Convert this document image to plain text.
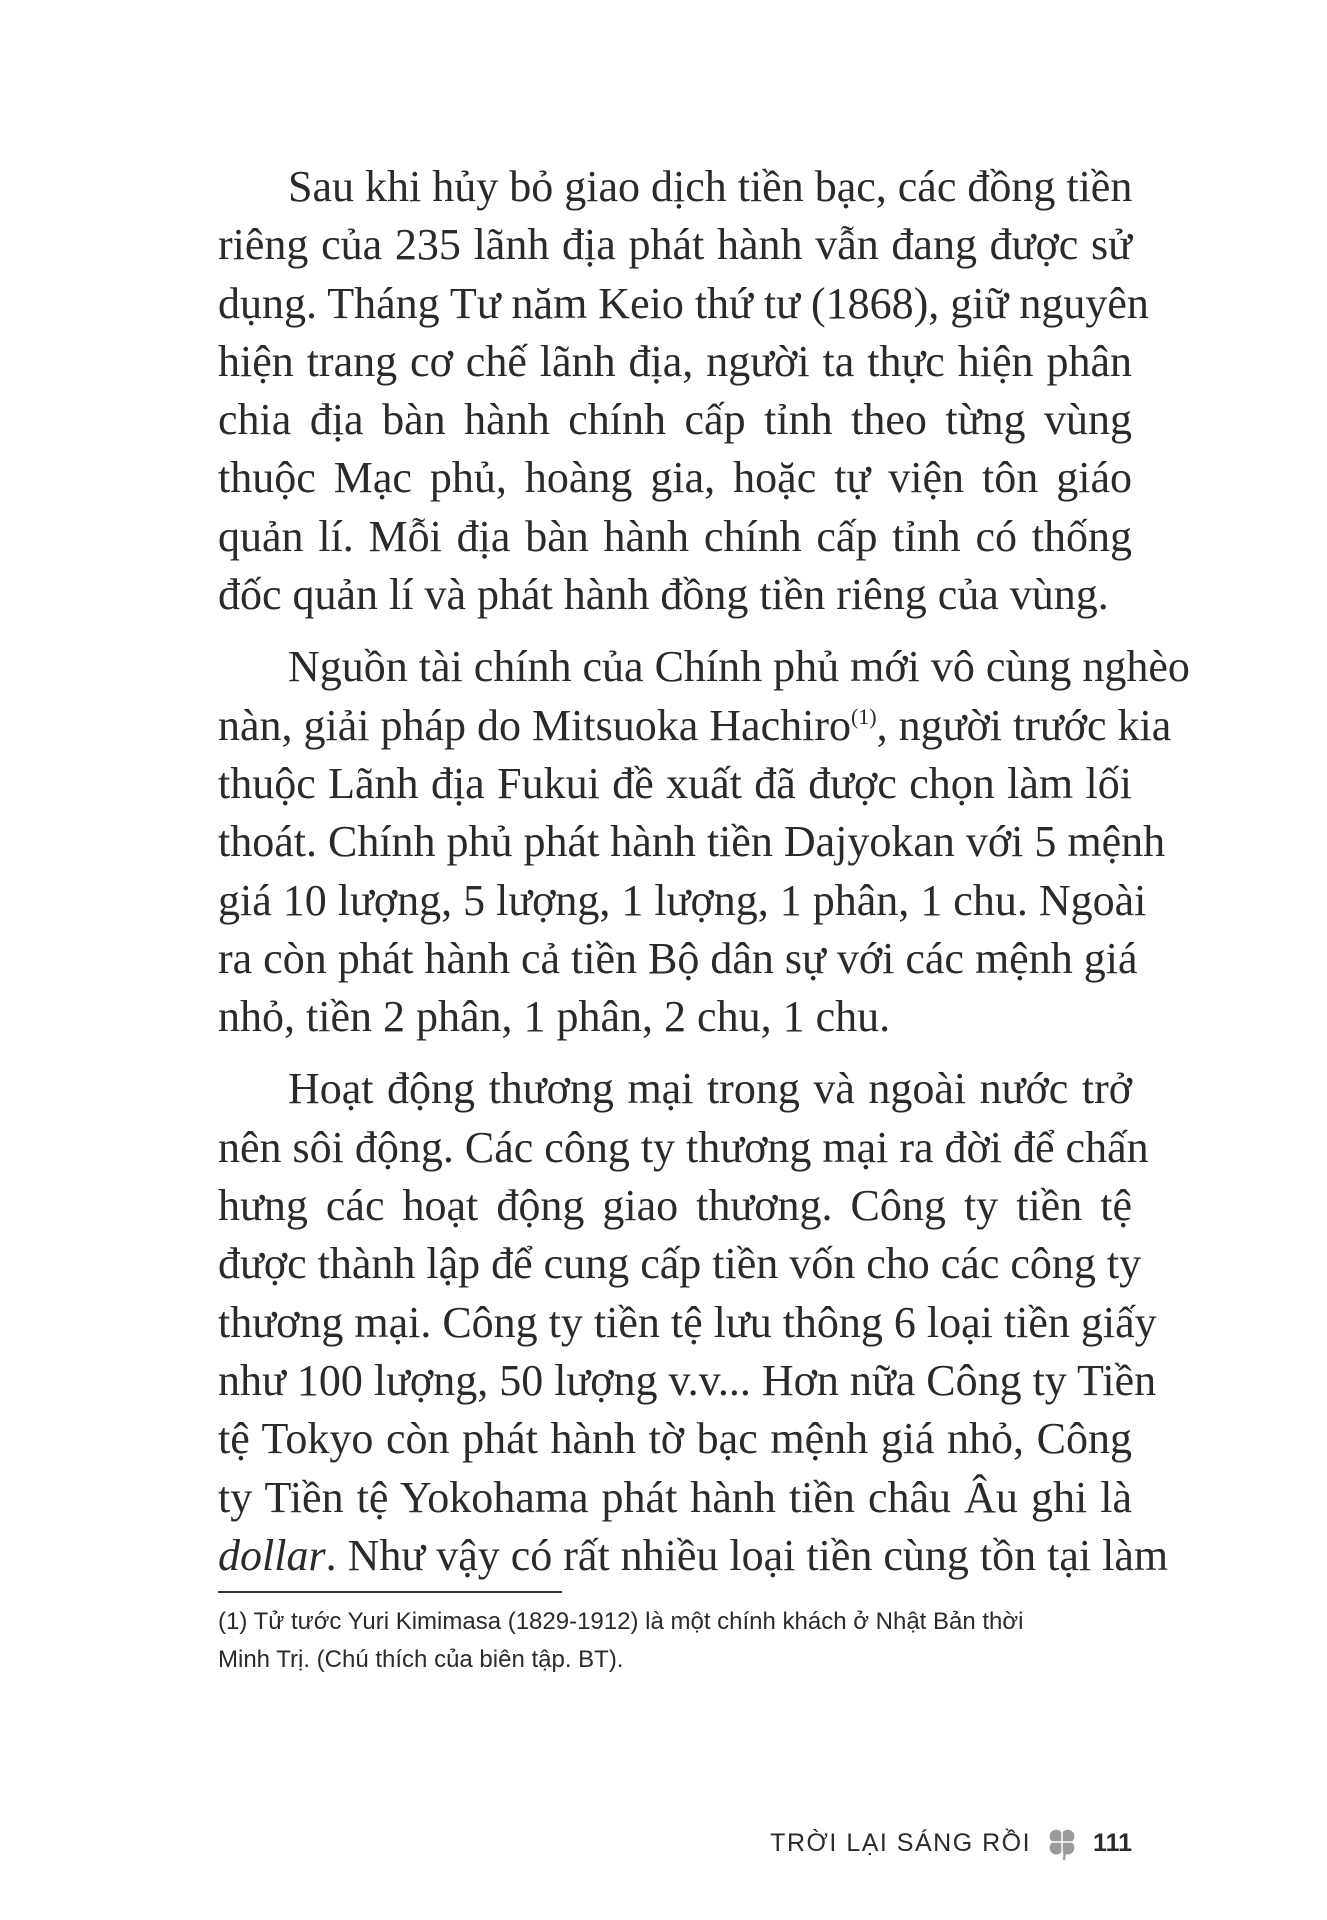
Sau khi hủy bỏ giao dịch tiền bạc, các đồng tiền
riêng của 235 lãnh địa phát hành vẫn đang được sử
dụng. Tháng Tư năm Keio thứ tư (1868), giữ nguyên
hiện trang cơ chế lãnh địa, người ta thực hiện phân
chia địa bàn hành chính cấp tỉnh theo từng vùng
thuộc Mạc phủ, hoàng gia, hoặc tự viện tôn giáo
quản lí. Mỗi địa bàn hành chính cấp tỉnh có thống
đốc quản lí và phát hành đồng tiền riêng của vùng.
Nguồn tài chính của Chính phủ mới vô cùng nghèo
nàn, giải pháp do Mitsuoka Hachiro$^{(1)}$, người trước kia
thuộc Lãnh địa Fukui đề xuất đã được chọn làm lối
thoát. Chính phủ phát hành tiền Dajyokan với 5 mệnh
giá 10 lượng, 5 lượng, 1 lượng, 1 phân, 1 chu. Ngoài
ra còn phát hành cả tiền Bộ dân sự với các mệnh giá
nhỏ, tiền 2 phân, 1 phân, 2 chu, 1 chu.
Hoạt động thương mại trong và ngoài nước trở
nên sôi động. Các công ty thương mại ra đời để chấn
hưng các hoạt động giao thương. Công ty tiền tệ
được thành lập để cung cấp tiền vốn cho các công ty
thương mại. Công ty tiền tệ lưu thông 6 loại tiền giấy
như 100 lượng, 50 lượng v.v... Hơn nữa Công ty Tiền
tệ Tokyo còn phát hành tờ bạc mệnh giá nhỏ, Công
ty Tiền tệ Yokohama phát hành tiền châu Âu ghi là
dollar. Như vậy có rất nhiều loại tiền cùng tồn tại làm
(1) Tử tước Yuri Kimimasa (1829-1912) là một chính khách ở Nhật Bản thời
Minh Trị. (Chú thích của biên tập. BT).
TRỜI LẠI SÁNG RỒI 111
